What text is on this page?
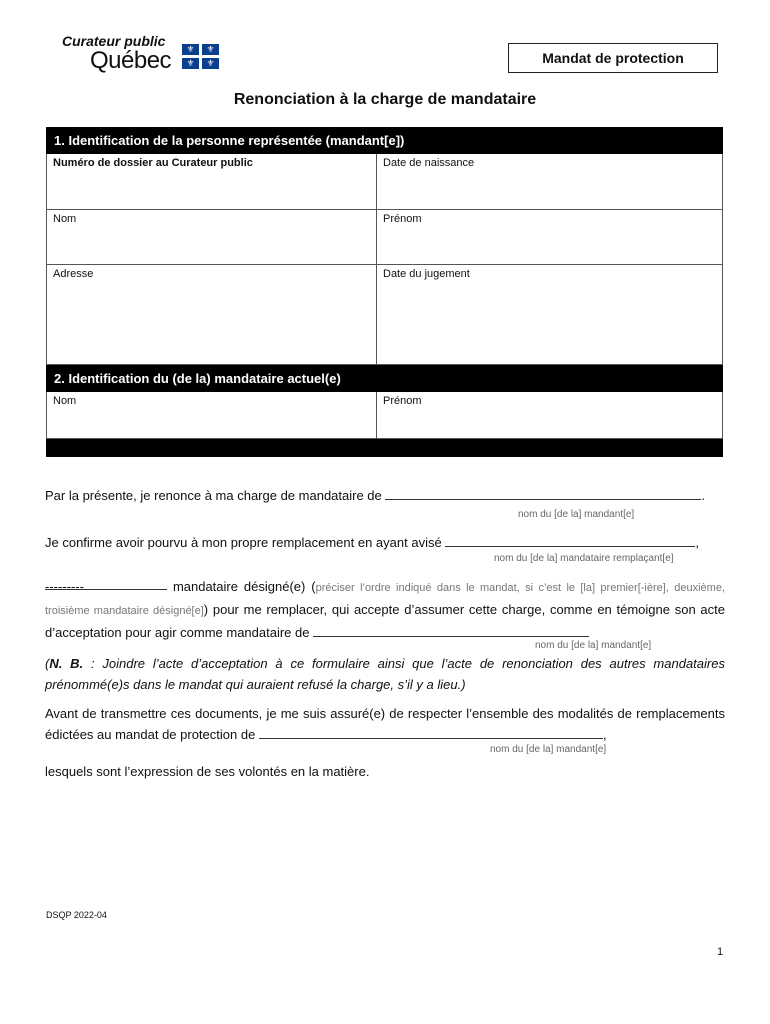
Curateur public
Québec	⚜	⚜
⚜	⚜	Mandat de protection
Renonciation à la charge de mandataire
1. Identification de la personne représentée (mandant[e])
Numéro de dossier au Curateur public	Date de naissance
Nom	Prénom
Adresse	Date du jugement
2. Identification du (de la) mandataire actuel(e)
Nom	Prénom
Par la présente, je renonce à ma charge de mandataire de	.
nom du [de la] mandant[e]
Je confirme avoir pourvu à mon propre remplacement en ayant avisé	,
nom du [de la] mandataire remplaçant[e]
---------	mandataire désigné(e) (préciser l’ordre indiqué dans le mandat, si c’est le [la] premier[-ière], deuxième, troisième mandataire désigné[e]) pour me remplacer, qui accepte d’assumer cette charge, comme en témoigne son acte d’acceptation pour agir comme mandataire de
nom du [de la] mandant[e]
(N. B. : Joindre l’acte d’acceptation à ce formulaire ainsi que l’acte de renonciation des autres mandataires prénommé(e)s dans le mandat qui auraient refusé la charge, s’il y a lieu.)
Avant de transmettre ces documents, je me suis assuré(e) de respecter l’ensemble des modalités de remplacements édictées au mandat de protection de	,
nom du [de la] mandant[e]
lesquels sont l’expression de ses volontés en la matière.
DSQP 2022-04
1
